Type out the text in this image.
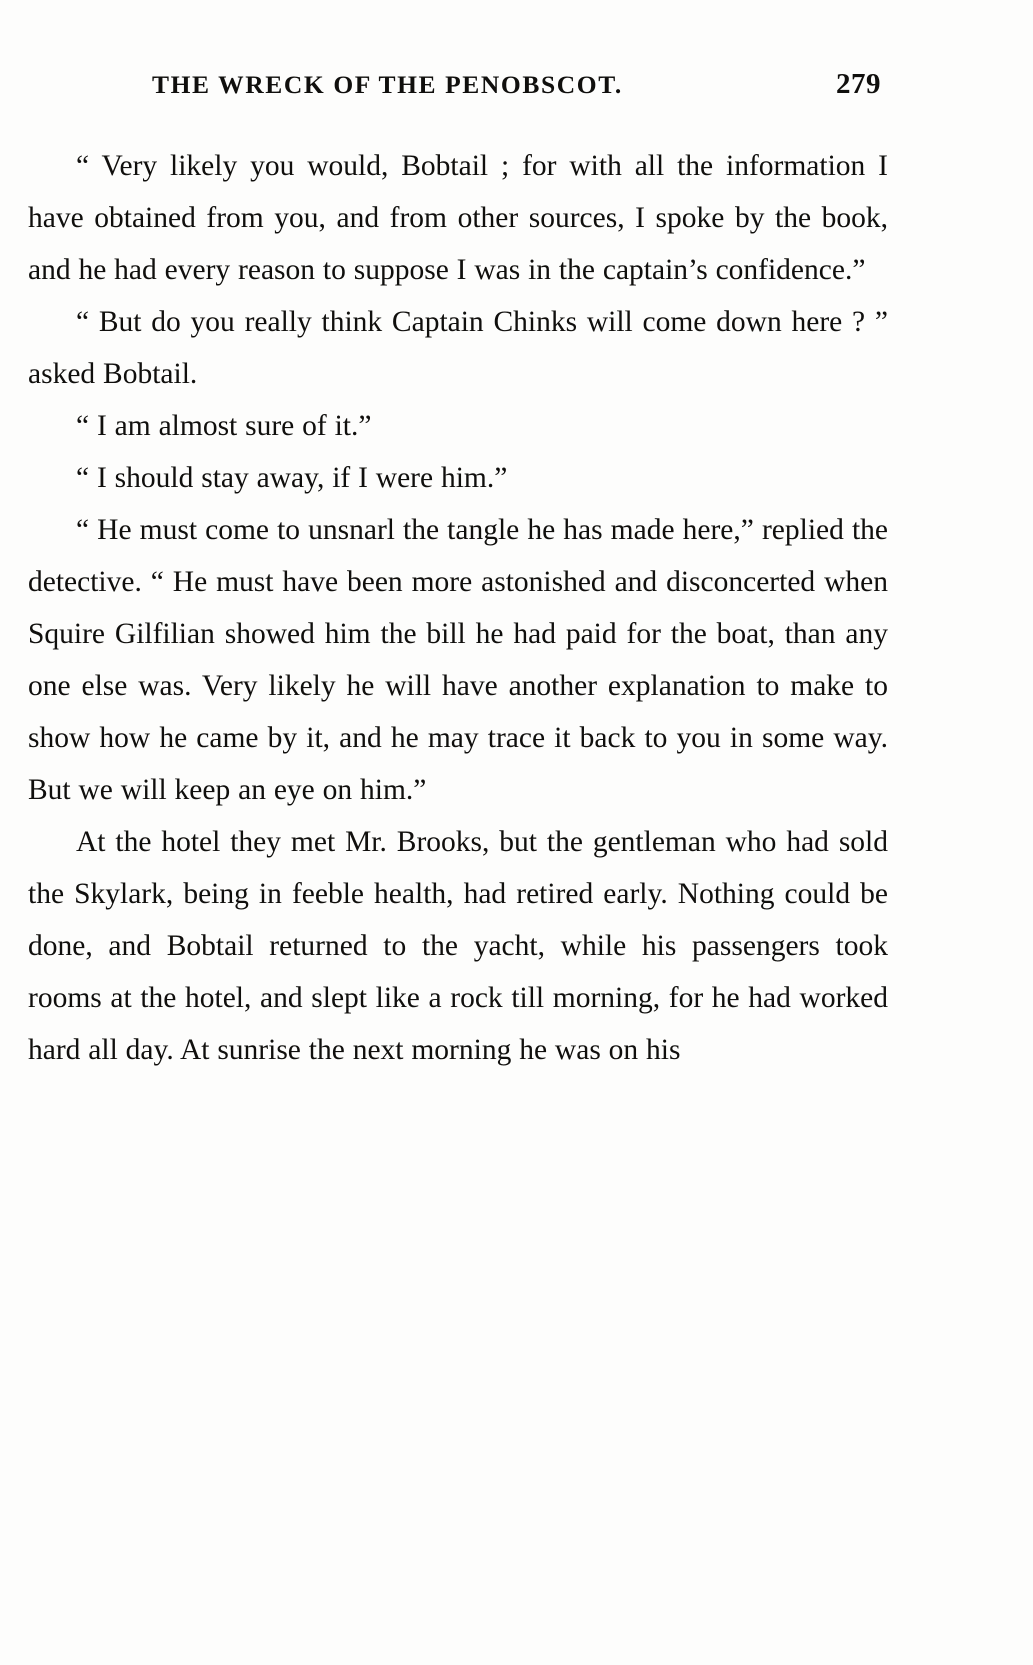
THE WRECK OF THE PENOBSCOT.	279

“ Very likely you would, Bobtail ; for with all the information I have obtained from you, and from other sources, I spoke by the book, and he had every reason to suppose I was in the captain’s confidence.”

“ But do you really think Captain Chinks will come down here ? ” asked Bobtail.

“ I am almost sure of it.”

“ I should stay away, if I were him.”

“ He must come to unsnarl the tangle he has made here,” replied the detective. “ He must have been more astonished and disconcerted when Squire Gilfilian showed him the bill he had paid for the boat, than any one else was. Very likely he will have another explanation to make to show how he came by it, and he may trace it back to you in some way. But we will keep an eye on him.”

At the hotel they met Mr. Brooks, but the gentleman who had sold the Skylark, being in feeble health, had retired early. Nothing could be done, and Bobtail returned to the yacht, while his passengers took rooms at the hotel, and slept like a rock till morning, for he had worked hard all day. At sunrise the next morning he was on his
